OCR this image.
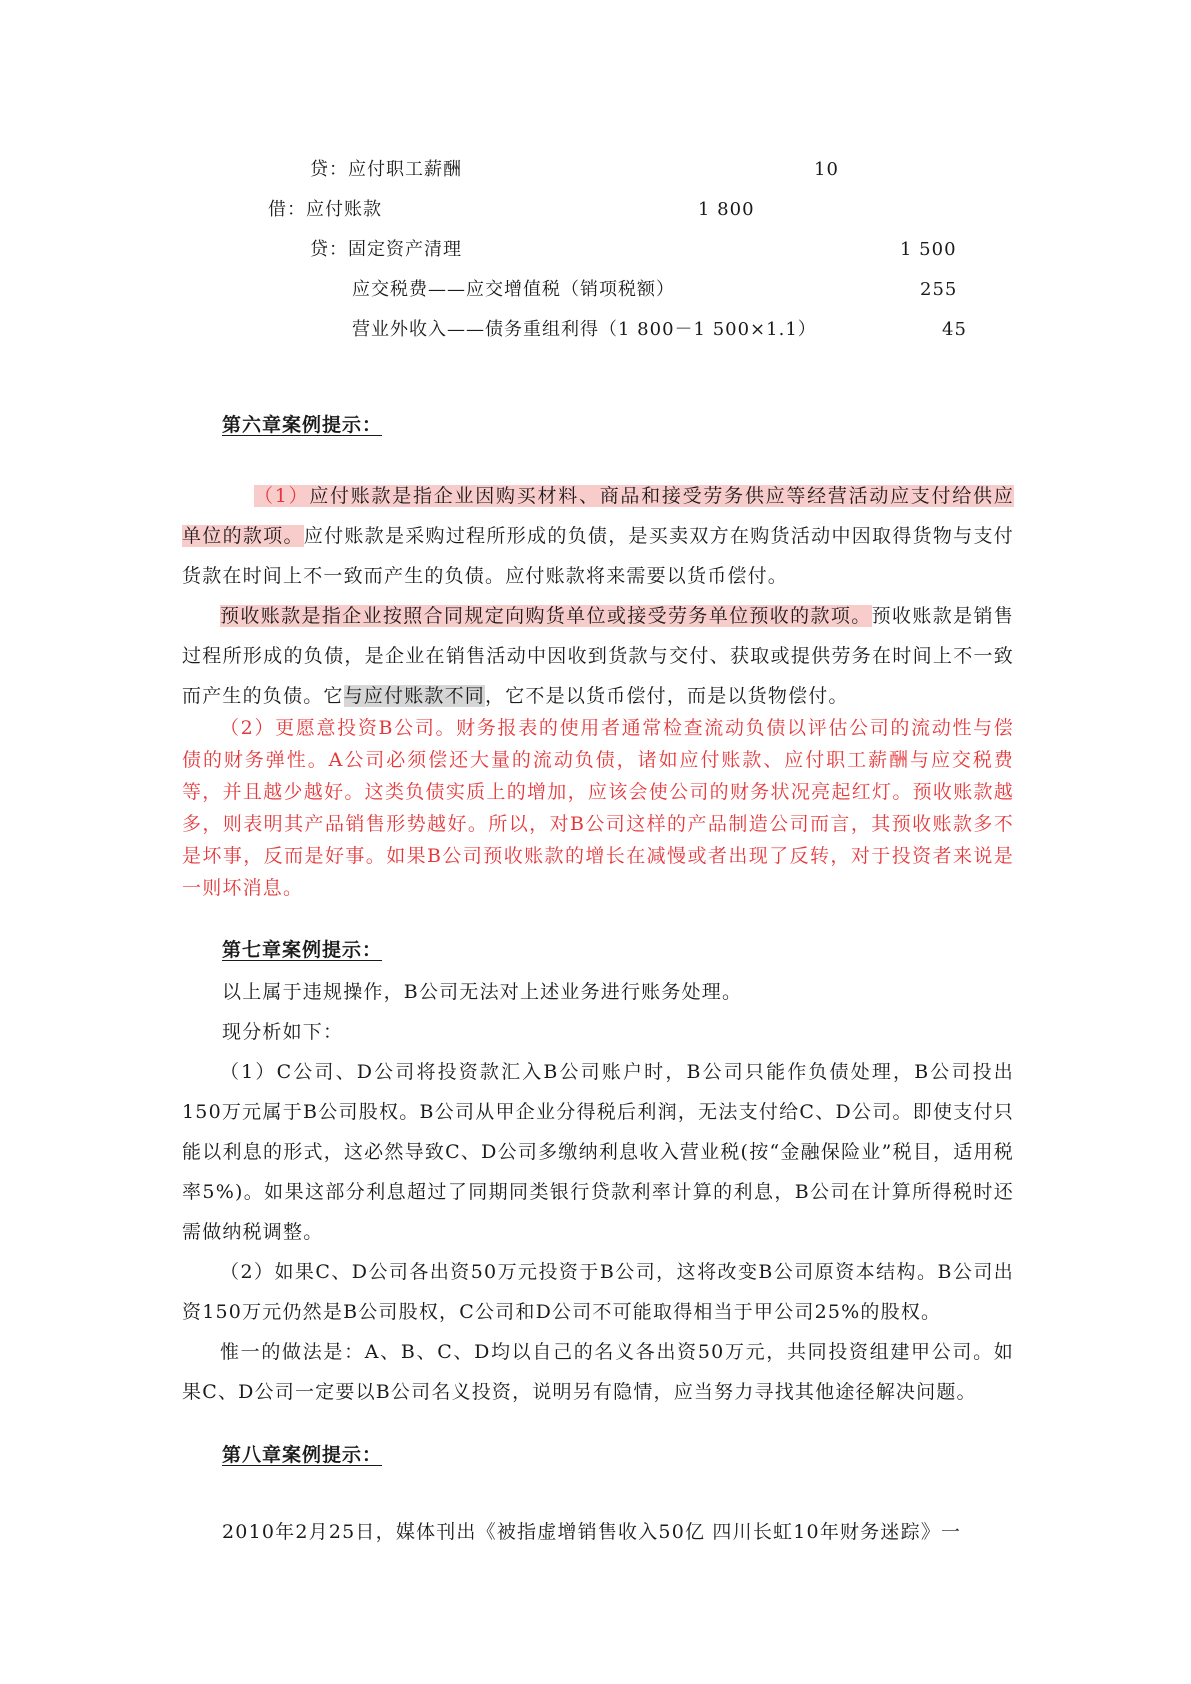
贷：应付职工薪酬	10
借：应付账款	1 800
贷：固定资产清理	1 500
应交税费——应交增值税（销项税额）	255
营业外收入——债务重组利得（1 800－1 500×1.1）	45
第六章案例提示：
（1）应付账款是指企业因购买材料、商品和接受劳务供应等经营活动应支付给供应单位的款项。应付账款是采购过程所形成的负债，是买卖双方在购货活动中因取得货物与支付货款在时间上不一致而产生的负债。应付账款将来需要以货币偿付。
预收账款是指企业按照合同规定向购货单位或接受劳务单位预收的款项。预收账款是销售过程所形成的负债，是企业在销售活动中因收到货款与交付、获取或提供劳务在时间上不一致而产生的负债。它与应付账款不同，它不是以货币偿付，而是以货物偿付。
（2）更愿意投资B公司。财务报表的使用者通常检查流动负债以评估公司的流动性与偿债的财务弹性。A公司必须偿还大量的流动负债，诸如应付账款、应付职工薪酬与应交税费等，并且越少越好。这类负债实质上的增加，应该会使公司的财务状况亮起红灯。预收账款越多，则表明其产品销售形势越好。所以，对B公司这样的产品制造公司而言，其预收账款多不是坏事，反而是好事。如果B公司预收账款的增长在减慢或者出现了反转，对于投资者来说是一则坏消息。
第七章案例提示：
以上属于违规操作，B公司无法对上述业务进行账务处理。
现分析如下：
（1）C公司、D公司将投资款汇入B公司账户时，B公司只能作负债处理，B公司投出150万元属于B公司股权。B公司从甲企业分得税后利润，无法支付给C、D公司。即使支付只能以利息的形式，这必然导致C、D公司多缴纳利息收入营业税(按“金融保险业”税目，适用税率5%)。如果这部分利息超过了同期同类银行贷款利率计算的利息，B公司在计算所得税时还需做纳税调整。
（2）如果C、D公司各出资50万元投资于B公司，这将改变B公司原资本结构。B公司出资150万元仍然是B公司股权，C公司和D公司不可能取得相当于甲公司25%的股权。
惟一的做法是：A、B、C、D均以自己的名义各出资50万元，共同投资组建甲公司。如果C、D公司一定要以B公司名义投资，说明另有隐情，应当努力寻找其他途径解决问题。
第八章案例提示：
2010年2月25日，媒体刊出《被指虚增销售收入50亿 四川长虹10年财务迷踪》一
